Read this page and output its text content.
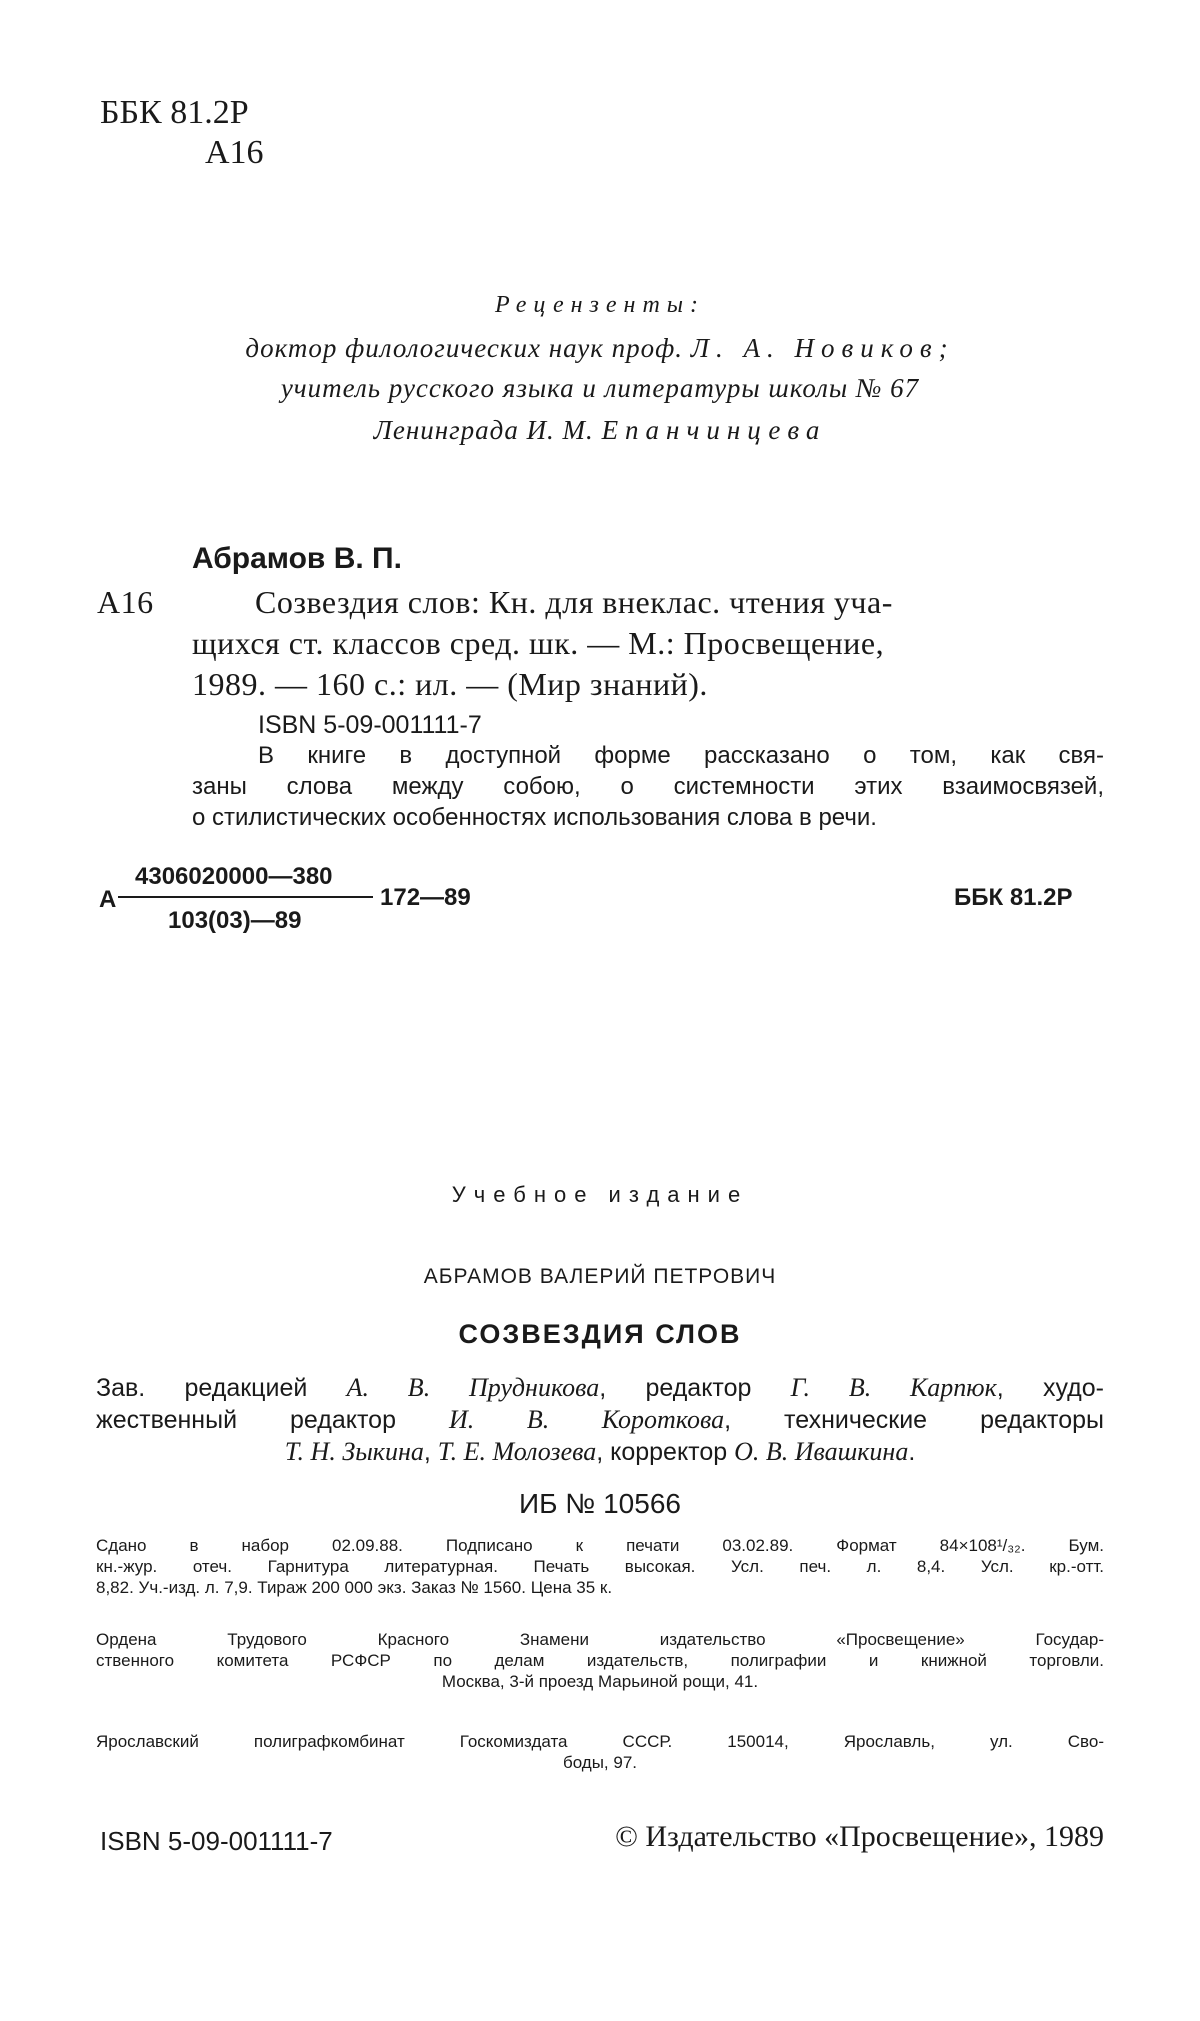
ББК 81.2Р
А16
Рецензенты:
доктор филологических наук проф. Л. А. Новиков;
учитель русского языка и литературы школы № 67
Ленинграда И. М. Епанчинцева
Абрамов В. П.
А16	Созвездия слов: Кн. для внеклас. чтения уча-
щихся ст. классов сред. шк. — М.: Просвещение,
1989. — 160 с.: ил. — (Мир знаний).
ISBN 5-09-001111-7
В книге в доступной форме рассказано о том, как свя-
заны слова между собою, о системности этих взаимосвязей,
о стилистических особенностях использования слова в речи.
А
4306020000—380
103(03)—89
172—89	ББК 81.2Р
Учебное издание
АБРАМОВ ВАЛЕРИЙ ПЕТРОВИЧ
СОЗВЕЗДИЯ СЛОВ
Зав. редакцией А. В. Прудникова, редактор Г. В. Карпюк, худо-
жественный редактор И. В. Короткова, технические редакторы
Т. Н. Зыкина, Т. Е. Молозева, корректор О. В. Ивашкина.
ИБ № 10566
Сдано в набор 02.09.88. Подписано к печати 03.02.89. Формат 84×108¹/₃₂. Бум.
кн.-жур. отеч. Гарнитура литературная. Печать высокая. Усл. печ. л. 8,4. Усл. кр.-отт.
8,82. Уч.-изд. л. 7,9. Тираж 200 000 экз. Заказ № 1560. Цена 35 к.
Ордена Трудового Красного Знамени издательство «Просвещение» Государ-
ственного комитета РСФСР по делам издательств, полиграфии и книжной торговли.
Москва, 3-й проезд Марьиной рощи, 41.
Ярославский полиграфкомбинат Госкомиздата СССР. 150014, Ярославль, ул. Сво-
боды, 97.
ISBN 5-09-001111-7	© Издательство «Просвещение», 1989
